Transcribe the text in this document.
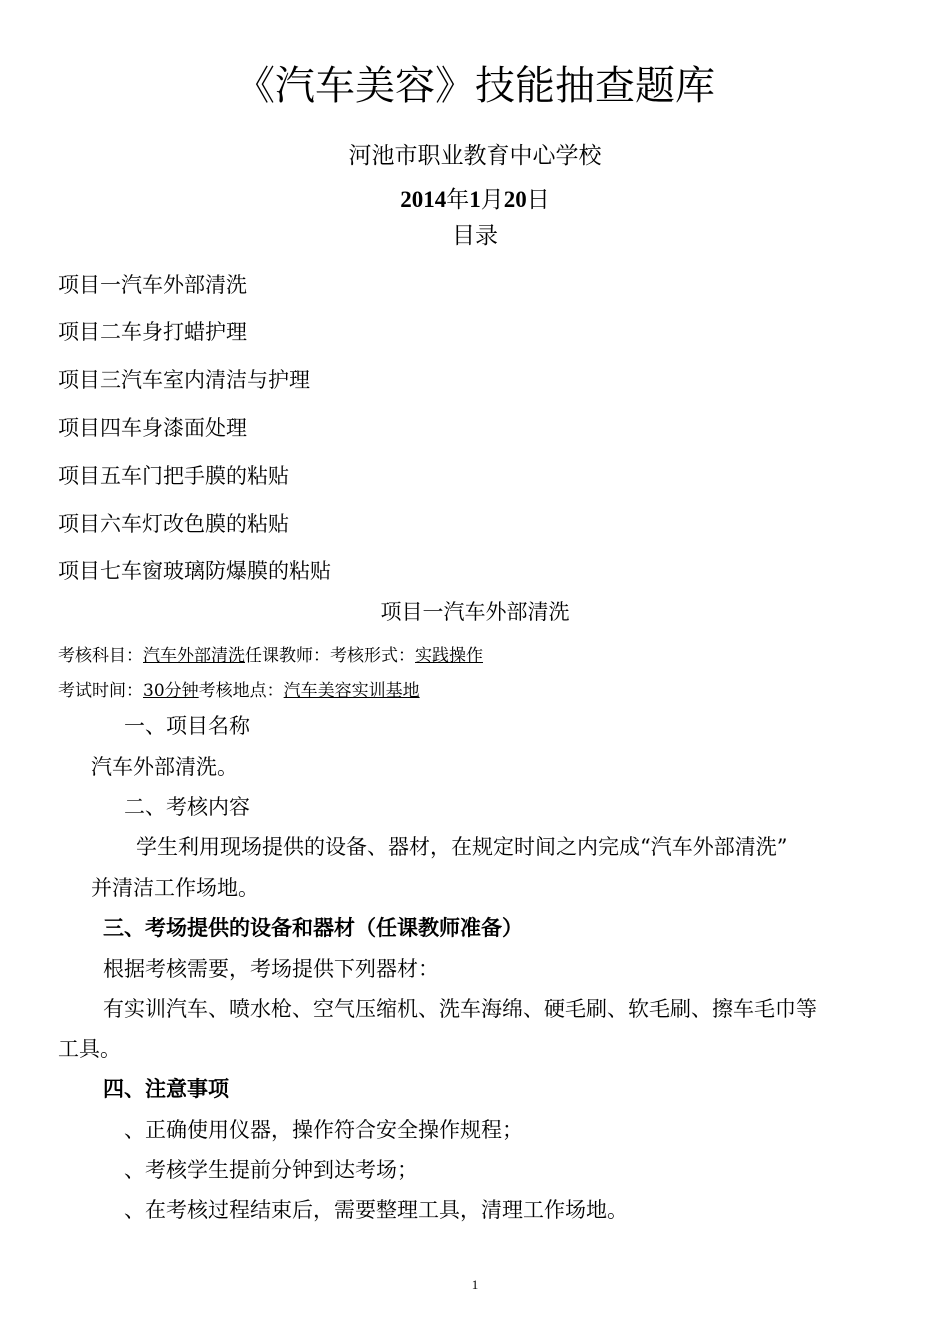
《汽车美容》技能抽查题库
河池市职业教育中心学校
2014年1月20日
目录
项目一汽车外部清洗
项目二车身打蜡护理
项目三汽车室内清洁与护理
项目四车身漆面处理
项目五车门把手膜的粘贴
项目六车灯改色膜的粘贴
项目七车窗玻璃防爆膜的粘贴
项目一汽车外部清洗
考核科目：汽车外部清洗任课教师：考核形式：实践操作
考试时间：30分钟考核地点：汽车美容实训基地
一、项目名称
汽车外部清洗。
二、考核内容
学生利用现场提供的设备、器材，在规定时间之内完成“汽车外部清洗”
并清洁工作场地。
三、考场提供的设备和器材（任课教师准备）
根据考核需要，考场提供下列器材：
有实训汽车、喷水枪、空气压缩机、洗车海绵、硬毛刷、软毛刷、擦车毛巾等
工具。
四、注意事项
、正确使用仪器，操作符合安全操作规程；
、考核学生提前分钟到达考场；
、在考核过程结束后，需要整理工具，清理工作场地。
1
